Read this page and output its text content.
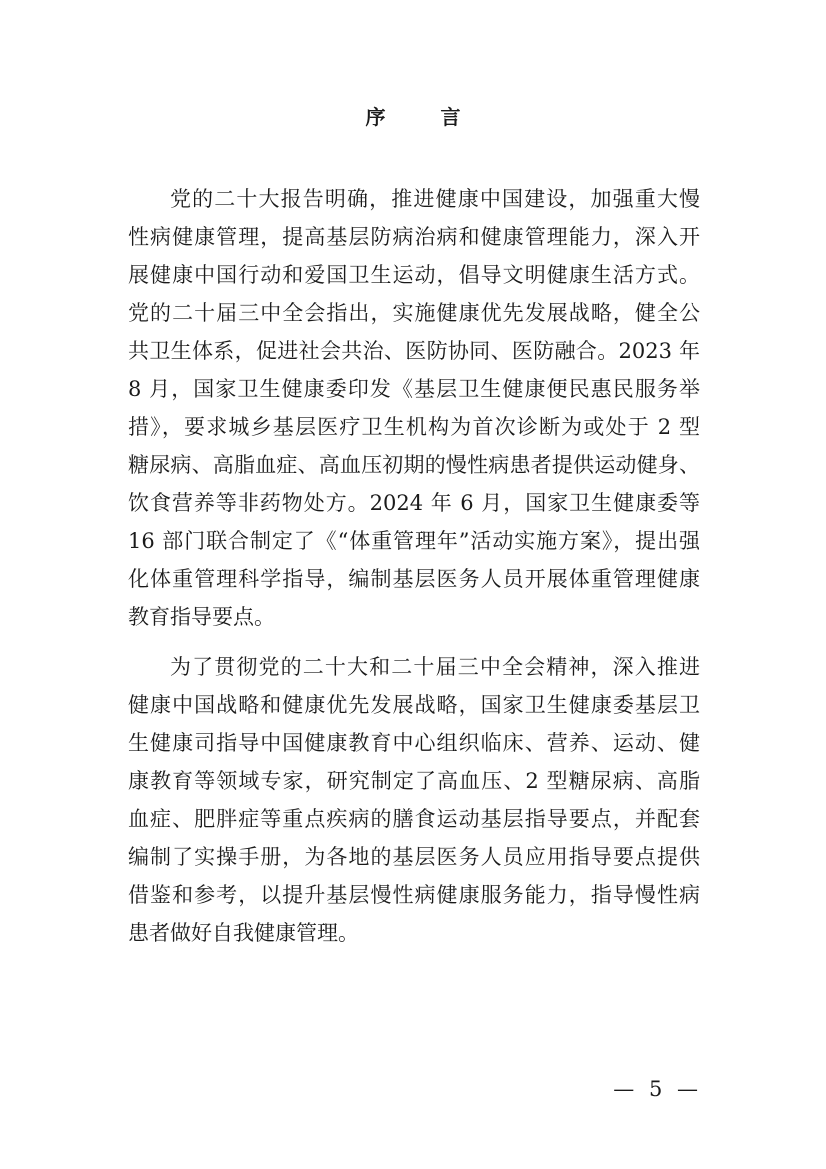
序 言
党的二十大报告明确，推进健康中国建设，加强重大慢
性病健康管理，提高基层防病治病和健康管理能力，深入开
展健康中国行动和爱国卫生运动，倡导文明健康生活方式。
党的二十届三中全会指出，实施健康优先发展战略，健全公
共卫生体系，促进社会共治、医防协同、医防融合。2023 年
8 月，国家卫生健康委印发《基层卫生健康便民惠民服务举
措》，要求城乡基层医疗卫生机构为首次诊断为或处于 2 型
糖尿病、高脂血症、高血压初期的慢性病患者提供运动健身、
饮食营养等非药物处方。2024 年 6 月，国家卫生健康委等
16 部门联合制定了《“体重管理年”活动实施方案》，提出强
化体重管理科学指导，编制基层医务人员开展体重管理健康
教育指导要点。
为了贯彻党的二十大和二十届三中全会精神，深入推进
健康中国战略和健康优先发展战略，国家卫生健康委基层卫
生健康司指导中国健康教育中心组织临床、营养、运动、健
康教育等领域专家，研究制定了高血压、2 型糖尿病、高脂
血症、肥胖症等重点疾病的膳食运动基层指导要点，并配套
编制了实操手册，为各地的基层医务人员应用指导要点提供
借鉴和参考，以提升基层慢性病健康服务能力，指导慢性病
患者做好自我健康管理。
— 5 —
